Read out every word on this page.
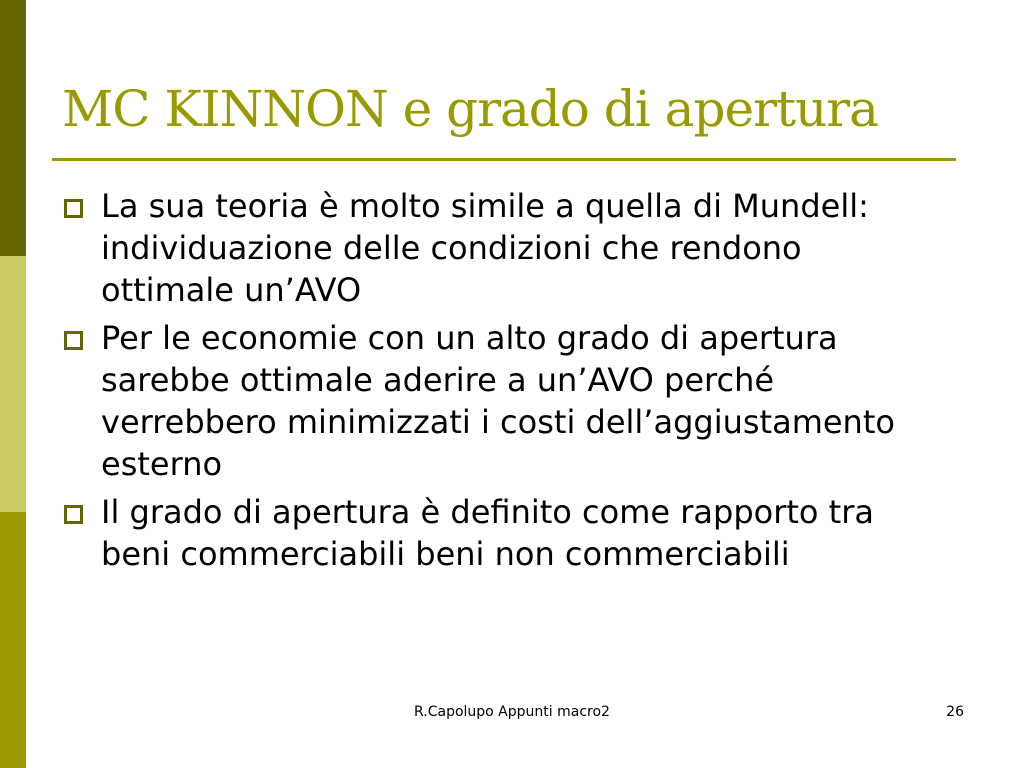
MC KINNON e grado di apertura
La sua teoria è molto simile a quella di Mundell: individuazione delle condizioni che rendono ottimale un’AVO
Per le economie con un alto grado di apertura sarebbe ottimale aderire a un’AVO perché verrebbero minimizzati i costi dell’aggiustamento esterno
Il grado di apertura è definito come rapporto tra beni commerciabili beni non commerciabili
R.Capolupo Appunti macro2	26
